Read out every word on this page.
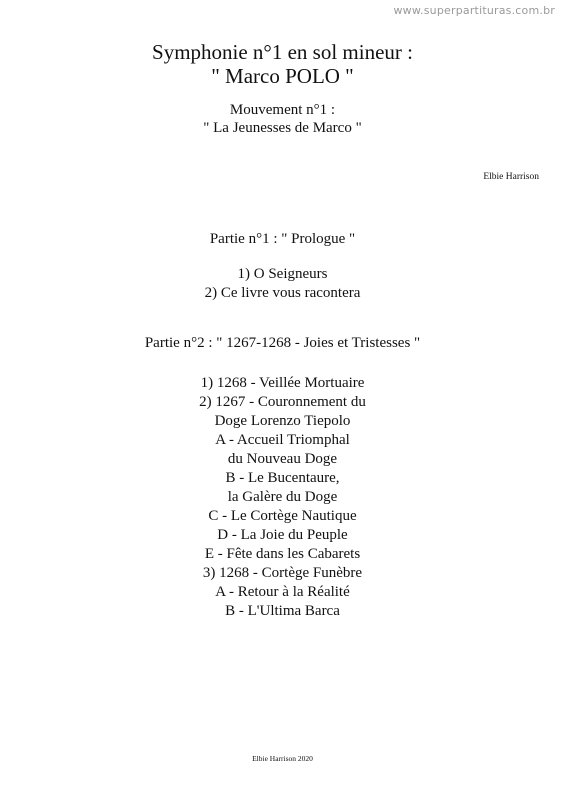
www.superpartituras.com.br
Symphonie n°1 en sol mineur :
" Marco POLO "
Mouvement n°1 :
" La Jeunesses de Marco "
Elbie Harrison
Partie n°1 : " Prologue "
1) O Seigneurs
2) Ce livre vous racontera
Partie n°2 : " 1267-1268 - Joies et Tristesses "
1) 1268 - Veillée Mortuaire
2) 1267 - Couronnement du
Doge Lorenzo Tiepolo
A - Accueil Triomphal
du Nouveau Doge
B - Le Bucentaure,
la Galère du Doge
C - Le Cortège Nautique
D - La Joie du Peuple
E - Fête dans les Cabarets
3) 1268 - Cortège Funèbre
A - Retour à la Réalité
B - L'Ultima Barca
Elbie Harrison 2020
